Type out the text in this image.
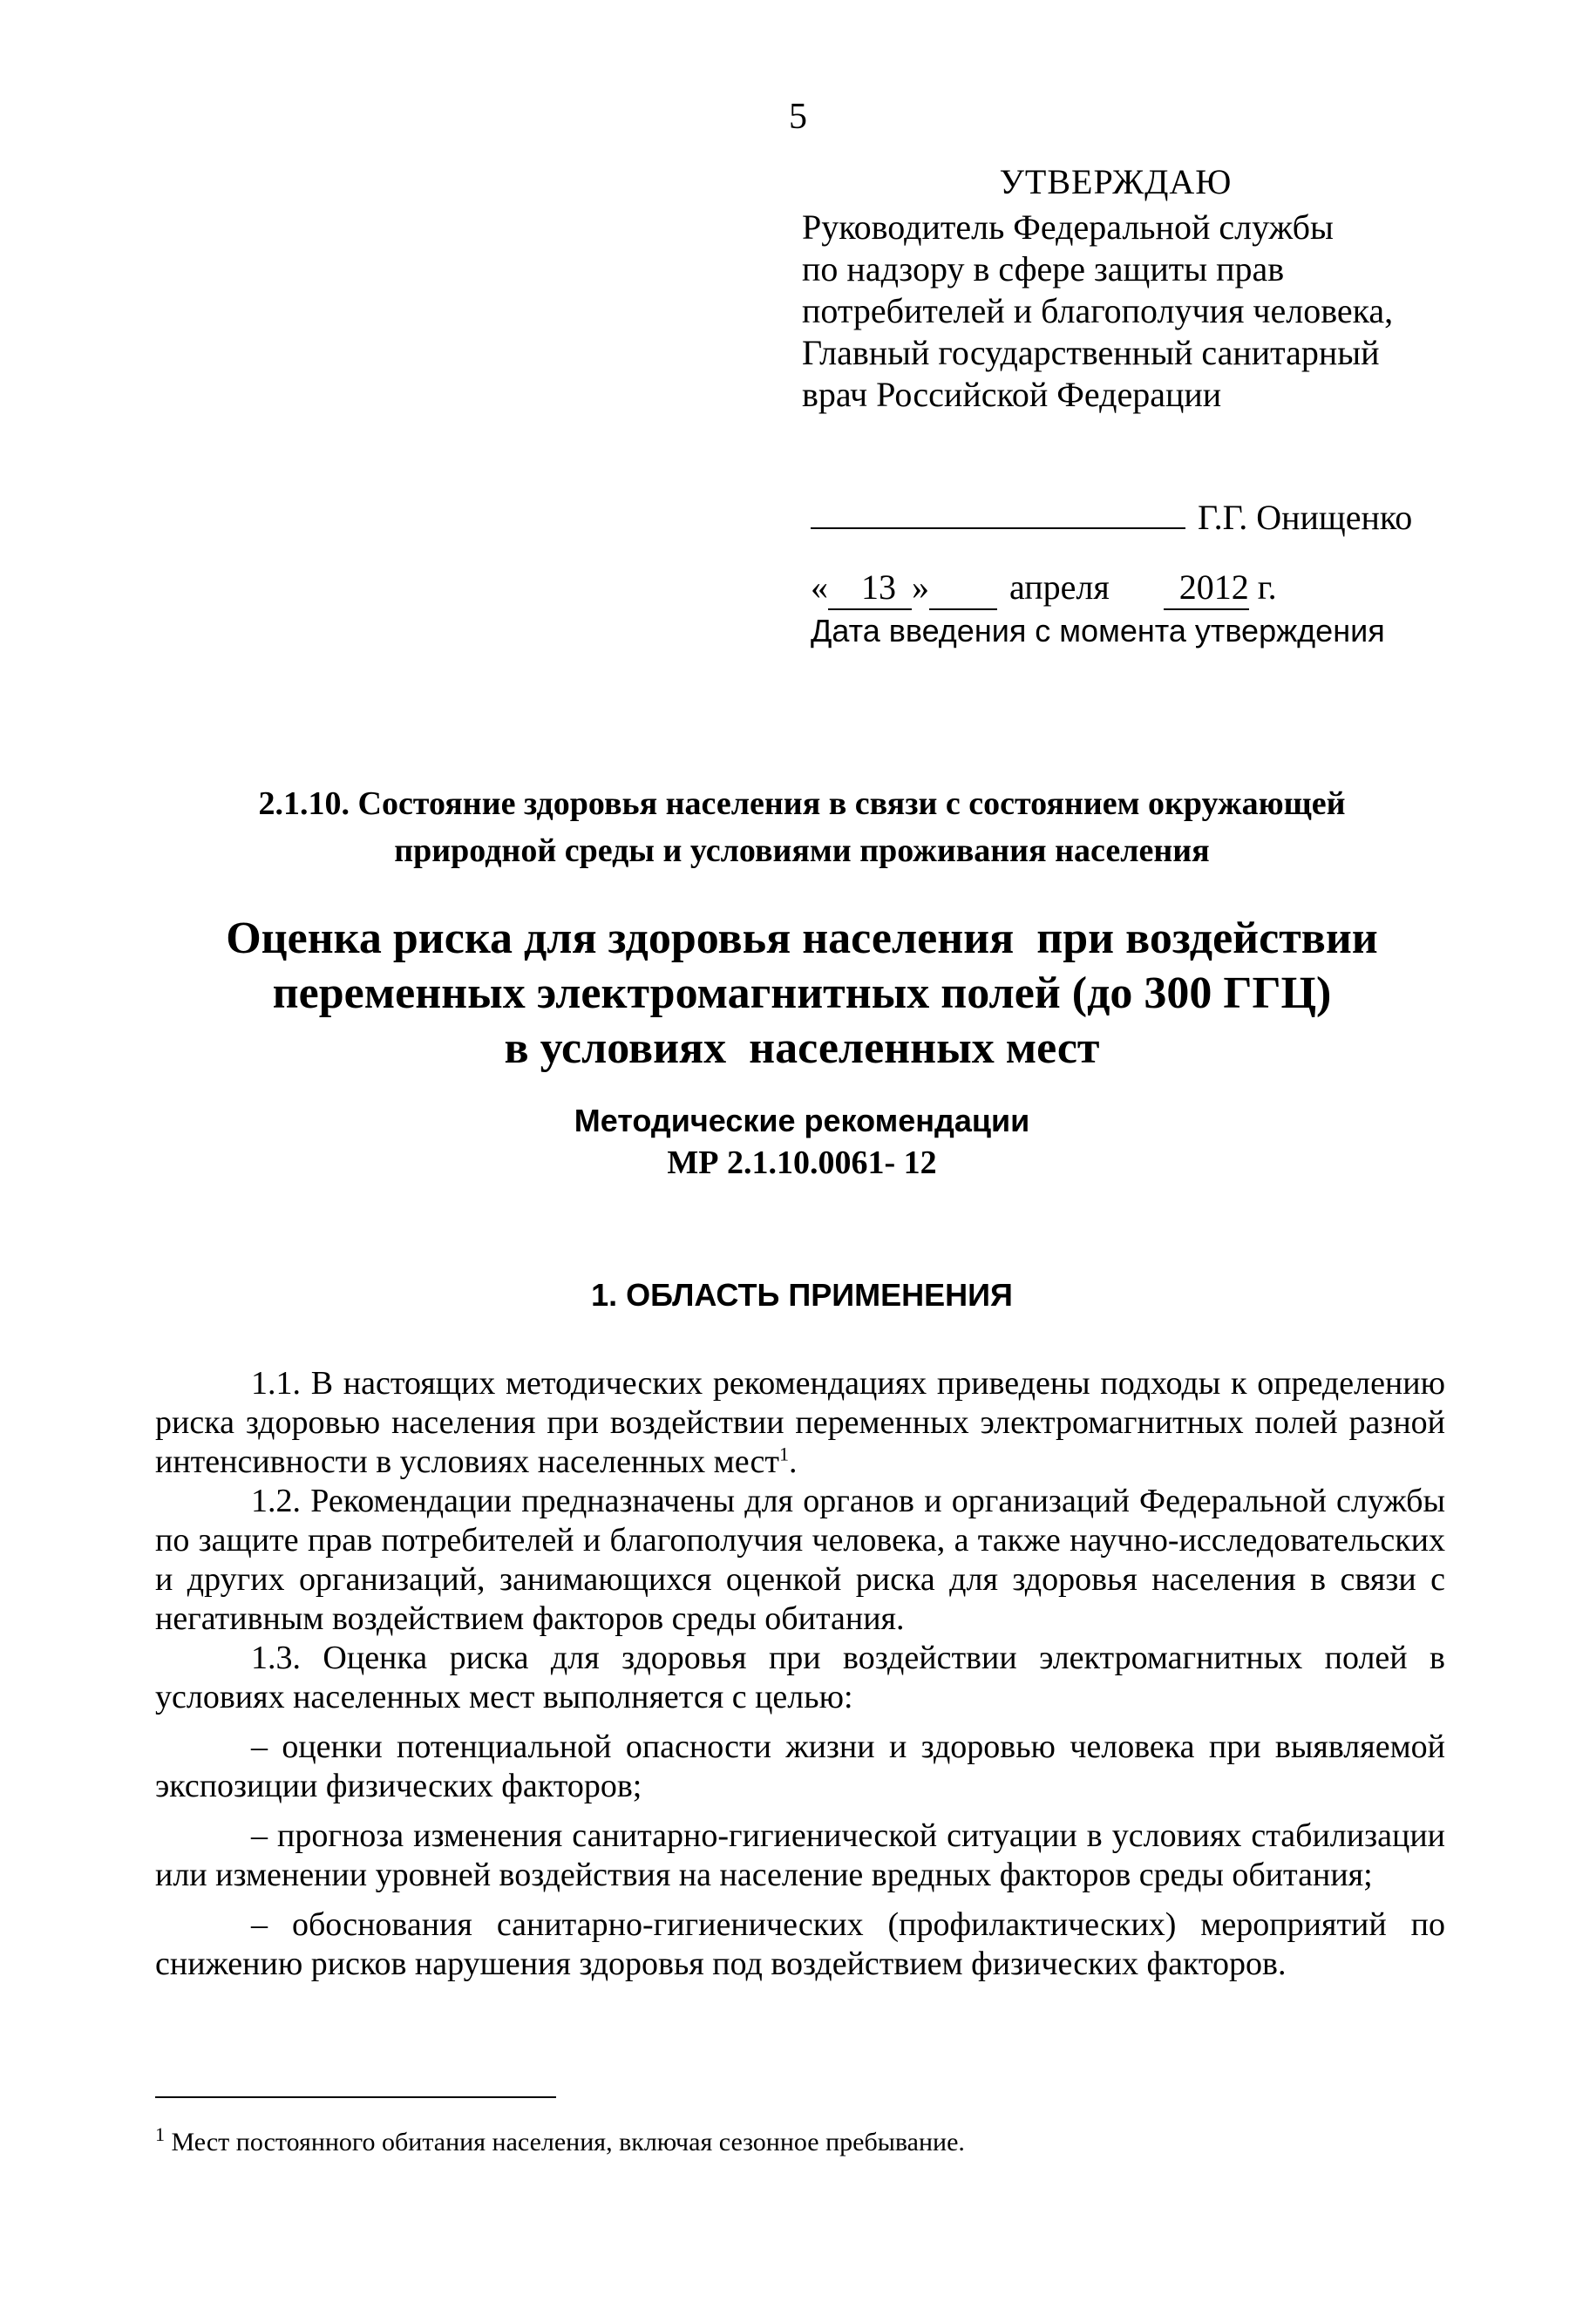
5
УТВЕРЖДАЮ
Руководитель Федеральной службы
по надзору в сфере защиты прав
потребителей и благополучия человека,
Главный государственный санитарный
врач Российской Федерации
Г.Г. Онищенко
« 13 » апреля 2012 г.
Дата введения с момента утверждения
2.1.10. Состояние здоровья населения в связи с состоянием окружающей
природной среды и условиями проживания населения
Оценка риска для здоровья населения  при воздействии
переменных электромагнитных полей (до 300 ГГЦ)
в условиях  населенных мест
Методические рекомендации
МР 2.1.10.0061- 12
1. ОБЛАСТЬ ПРИМЕНЕНИЯ

1.1. В настоящих методических рекомендациях приведены подходы к определению риска здоровью населения при воздействии переменных электромагнитных полей разной интенсивности в условиях населенных мест$^1$.

1.2. Рекомендации предназначены для органов и организаций Федеральной службы по защите прав потребителей и благополучия человека, а также научно-исследовательских и других организаций, занимающихся оценкой риска для здоровья населения в связи с негативным воздействием факторов среды обитания.

1.3. Оценка риска для здоровья при воздействии электромагнитных полей в условиях населенных мест выполняется с целью:

– оценки потенциальной опасности жизни и здоровью человека при выявляемой экспозиции физических факторов;

– прогноза изменения санитарно-гигиенической ситуации в условиях стабилизации или изменении уровней воздействия на население вредных факторов среды обитания;

– обоснования санитарно-гигиенических (профилактических) мероприятий по снижению рисков нарушения здоровья под воздействием физических факторов.

$^1$ Мест постоянного обитания населения, включая сезонное пребывание.
